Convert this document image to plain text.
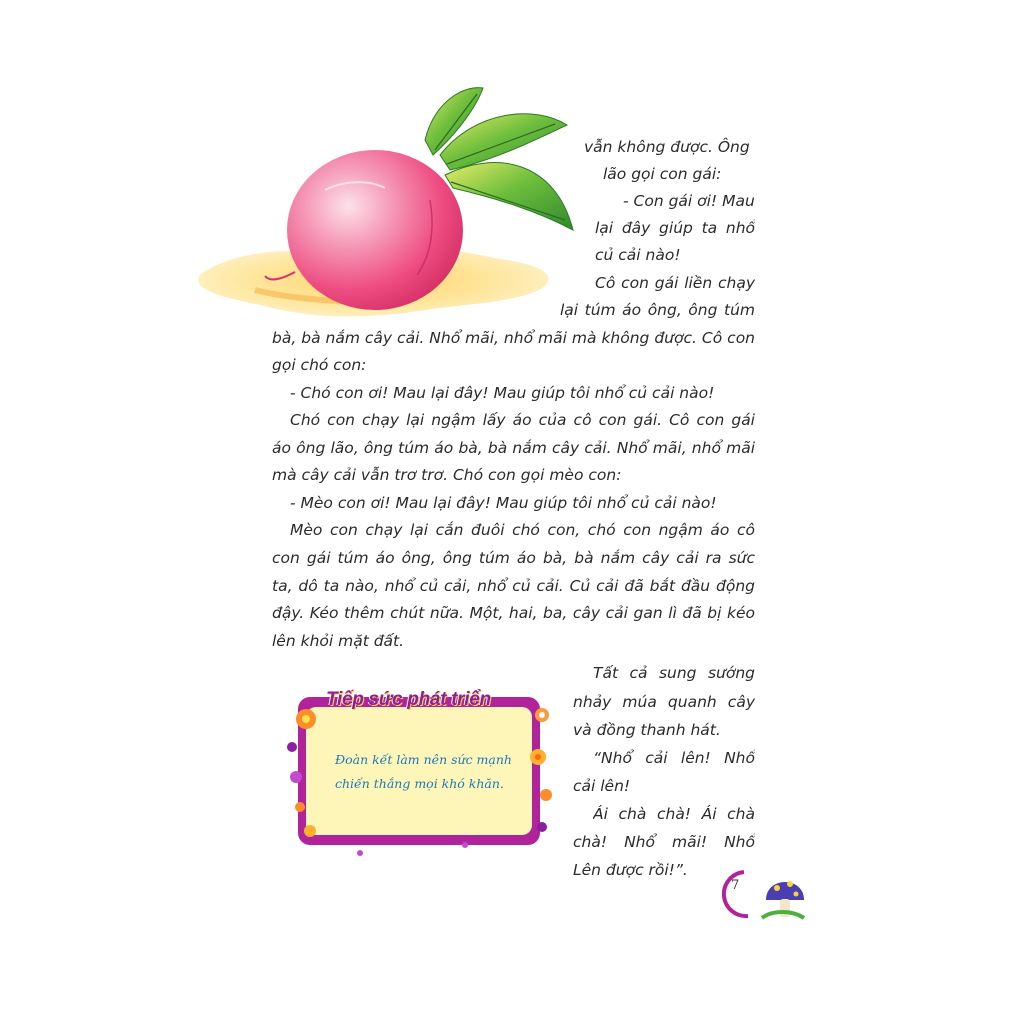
vẫn không được. Ông
lão gọi con gái:
- Con gái ơi! Mau
lại đây giúp ta nhổ
củ cải nào!
Cô con gái liền chạy
lại túm áo ông, ông túm
bà, bà nắm cây cải. Nhổ mãi, nhổ mãi mà không được. Cô con
gọi chó con:
- Chó con ơi! Mau lại đây! Mau giúp tôi nhổ củ cải nào!
Chó con chạy lại ngậm lấy áo của cô con gái. Cô con gái
áo ông lão, ông túm áo bà, bà nắm cây cải. Nhổ mãi, nhổ mãi
mà cây cải vẫn trơ trơ. Chó con gọi mèo con:
- Mèo con ơi! Mau lại đây! Mau giúp tôi nhổ củ cải nào!
Mèo con chạy lại cắn đuôi chó con, chó con ngậm áo cô
con gái túm áo ông, ông túm áo bà, bà nắm cây cải ra sức
ta, dô ta nào, nhổ củ cải, nhổ củ cải. Củ cải đã bắt đầu động
đậy. Kéo thêm chút nữa. Một, hai, ba, cây cải gan lì đã bị kéo
lên khỏi mặt đất.
Tất cả sung sướng
nhảy múa quanh cây
và đồng thanh hát.
“Nhổ cải lên! Nhổ
cải lên!
Ái chà chà! Ái chà
chà! Nhổ mãi! Nhổ
Lên được rồi!”.
Tiếp sức phát triển
Đoàn kết làm nên sức mạnh
chiến thắng mọi khó khăn.
7
